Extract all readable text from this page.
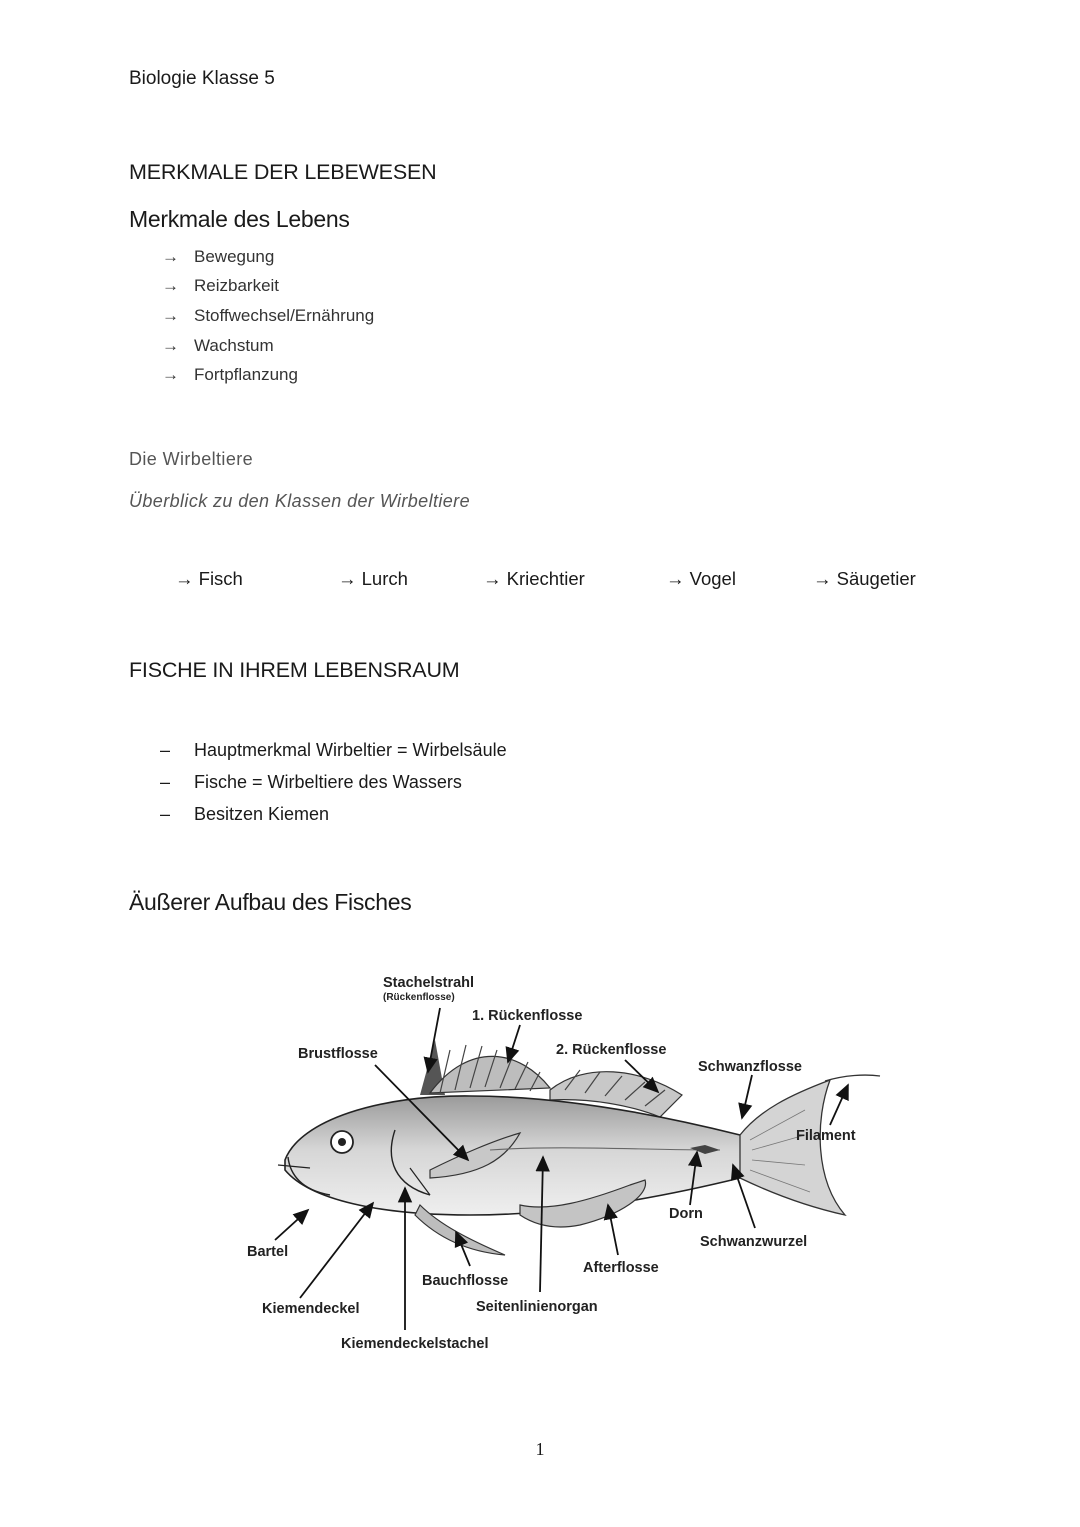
Biologie Klasse 5
MERKMALE DER LEBEWESEN
Merkmale des Lebens
→ Bewegung
→ Reizbarkeit
→ Stoffwechsel/Ernährung
→ Wachstum
→ Fortpflanzung
Die Wirbeltiere
Überblick zu den Klassen der Wirbeltiere
→ Fisch	→ Lurch	→ Kriechtier	→ Vogel	→ Säugetier
FISCHE IN IHREM LEBENSRAUM
–	Hauptmerkmal Wirbeltier = Wirbelsäule
–	Fische = Wirbeltiere des Wassers
–	Besitzen Kiemen
Äußerer Aufbau des Fisches
Stachelstrahl
(Rückenflosse)
1. Rückenflosse
Brustflosse	2. Rückenflosse
Schwanzflosse
Filament
Dorn
Schwanzwurzel
Bartel
Afterflosse
Bauchflosse
Kiemendeckel	Seitenlinienorgan
Kiemendeckelstachel
1
